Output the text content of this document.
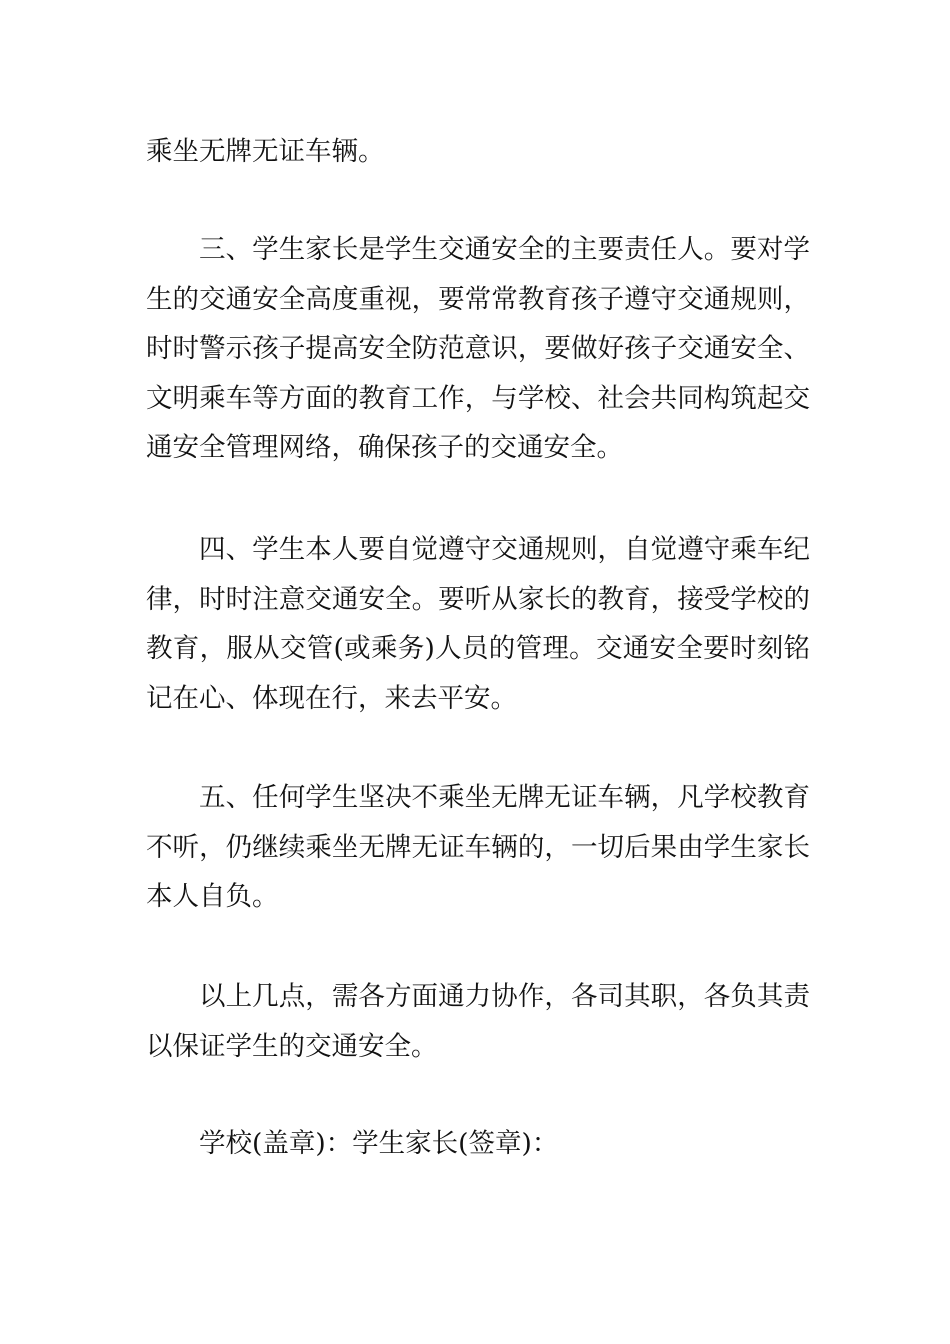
乘坐无牌无证车辆。

三、学生家长是学生交通安全的主要责任人。要对学生的交通安全高度重视，要常常教育孩子遵守交通规则，时时警示孩子提高安全防范意识，要做好孩子交通安全、文明乘车等方面的教育工作，与学校、社会共同构筑起交通安全管理网络，确保孩子的交通安全。

四、学生本人要自觉遵守交通规则，自觉遵守乘车纪律，时时注意交通安全。要听从家长的教育，接受学校的教育，服从交管(或乘务)人员的管理。交通安全要时刻铭记在心、体现在行，来去平安。

五、任何学生坚决不乘坐无牌无证车辆，凡学校教育不听，仍继续乘坐无牌无证车辆的，一切后果由学生家长本人自负。

以上几点，需各方面通力协作，各司其职，各负其责以保证学生的交通安全。

学校(盖章)：学生家长(签章)：
